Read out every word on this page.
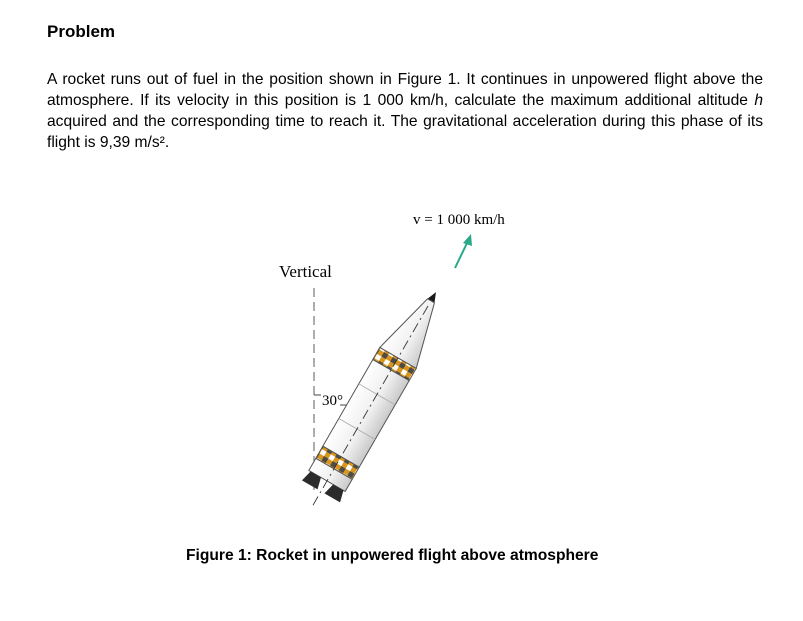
Problem

A rocket runs out of fuel in the position shown in Figure 1. It continues in unpowered flight above the atmosphere. If its velocity in this position is 1 000 km/h, calculate the maximum additional altitude h acquired and the corresponding time to reach it. The gravitational acceleration during this phase of its flight is 9,39 m/s².

Vertical
30°
v = 1 000 km/h

Figure 1: Rocket in unpowered flight above atmosphere
